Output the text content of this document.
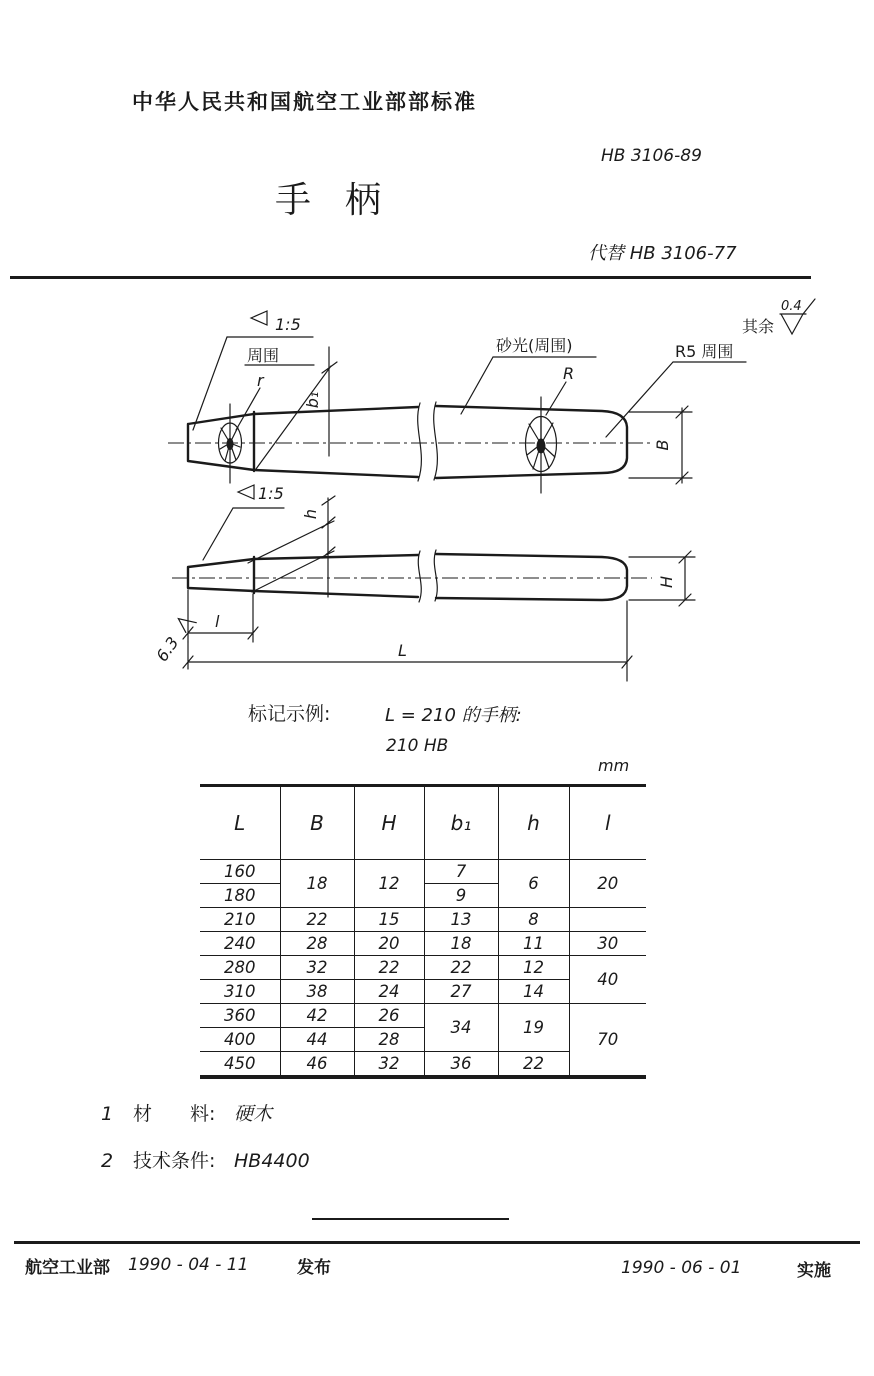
中华人民共和国航空工业部部标准
HB 3106-89
手柄
代替 HB 3106-77
1:5
周围
r
b₁
砂光(周围)
R
R5 周围
其余
0.4
B
1:5
h
6.3
l
L
H
标记示例:	L = 210 的手柄:
210 HB
mm
L	B	H	b₁	h	l
160	18	12	7	6	20
180			9		
210	22	15	13	8	
240	28	20	18	11	30
280	32	22	22	12	40
310	38	24	27	14	
360	42	26	34	19	70
400	44	28			
450	46	32	36	22	
1 材　　料: 硬木
2 技术条件: HB4400
航空工业部 1990 - 04 - 11	发布	1990 - 06 - 01	实施
